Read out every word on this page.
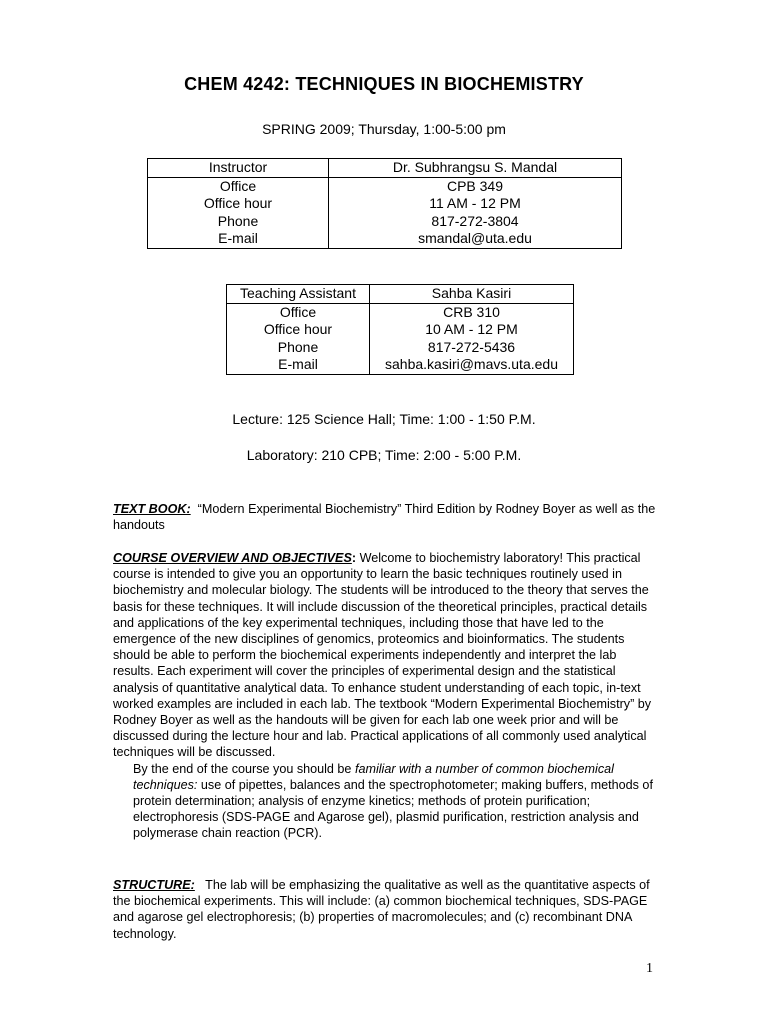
CHEM 4242: TECHNIQUES IN BIOCHEMISTRY
SPRING 2009; Thursday, 1:00-5:00 pm
Instructor	Dr. Subhrangsu S. Mandal
Office	CPB 349
Office hour	11 AM - 12 PM
Phone	817-272-3804
E-mail	smandal@uta.edu
Teaching Assistant	Sahba Kasiri
Office	CRB 310
Office hour	10 AM - 12 PM
Phone	817-272-5436
E-mail	sahba.kasiri@mavs.uta.edu
Lecture: 125 Science Hall; Time: 1:00 - 1:50 P.M.
Laboratory: 210 CPB; Time: 2:00 - 5:00 P.M.
TEXT BOOK: “Modern Experimental Biochemistry” Third Edition by Rodney Boyer as well as the handouts
COURSE OVERVIEW AND OBJECTIVES: Welcome to biochemistry laboratory! This practical course is intended to give you an opportunity to learn the basic techniques routinely used in biochemistry and molecular biology. The students will be introduced to the theory that serves the basis for these techniques. It will include discussion of the theoretical principles, practical details and applications of the key experimental techniques, including those that have led to the emergence of the new disciplines of genomics, proteomics and bioinformatics. The students should be able to perform the biochemical experiments independently and interpret the lab results. Each experiment will cover the principles of experimental design and the statistical analysis of quantitative analytical data. To enhance student understanding of each topic, in-text worked examples are included in each lab. The textbook “Modern Experimental Biochemistry” by Rodney Boyer as well as the handouts will be given for each lab one week prior and will be discussed during the lecture hour and lab. Practical applications of all commonly used analytical techniques will be discussed.
By the end of the course you should be familiar with a number of common biochemical techniques: use of pipettes, balances and the spectrophotometer; making buffers, methods of protein determination; analysis of enzyme kinetics; methods of protein purification; electrophoresis (SDS-PAGE and Agarose gel), plasmid purification, restriction analysis and polymerase chain reaction (PCR).
STRUCTURE: The lab will be emphasizing the qualitative as well as the quantitative aspects of the biochemical experiments. This will include: (a) common biochemical techniques, SDS-PAGE and agarose gel electrophoresis; (b) properties of macromolecules; and (c) recombinant DNA technology.
1
